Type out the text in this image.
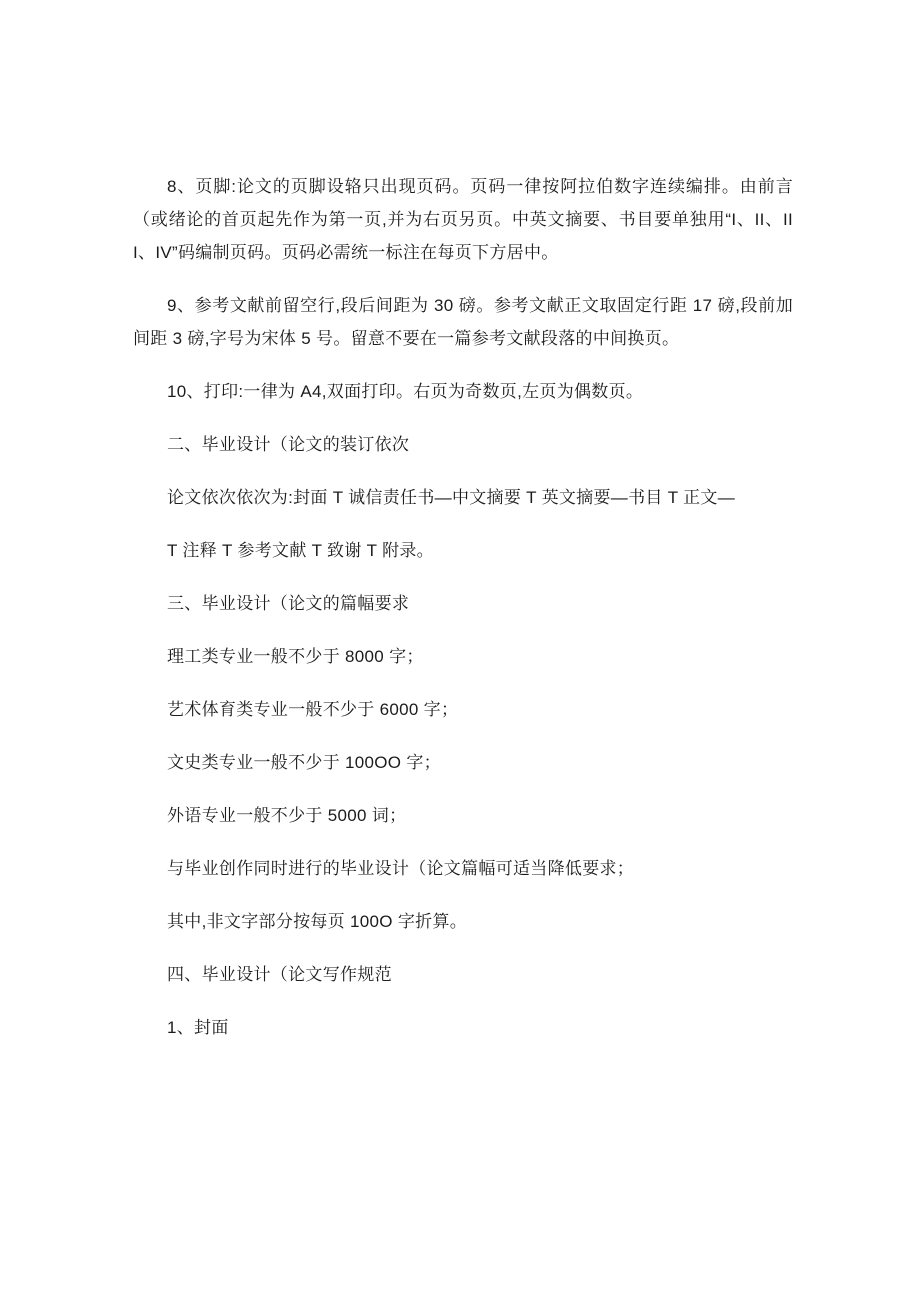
8、页脚:论文的页脚设辂只出现页码。页码一律按阿拉伯数字连续编排。由前言（或绪论的首页起先作为第一页,并为右页另页。中英文摘要、书目要单独用“I、II、III、IV”码编制页码。页码必需统一标注在每页下方居中。

9、参考文献前留空行,段后间距为 30 磅。参考文献正文取固定行距 17 磅,段前加间距 3 磅,字号为宋体 5 号。留意不要在一篇参考文献段落的中间换页。

10、打印:一律为 A4,双面打印。右页为奇数页,左页为偶数页。

二、毕业设计（论文的装订依次

论文依次依次为:封面 T 诚信责任书—中文摘要 T 英文摘要—书目 T 正文—

T 注释 T 参考文献 T 致谢 T 附录。

三、毕业设计（论文的篇幅要求

理工类专业一般不少于 8000 字；

艺术体育类专业一般不少于 6000 字；

文史类专业一般不少于 100OO 字；

外语专业一般不少于 5000 词；

与毕业创作同时进行的毕业设计（论文篇幅可适当降低要求；

其中,非文字部分按每页 100O 字折算。

四、毕业设计（论文写作规范

1、封面
